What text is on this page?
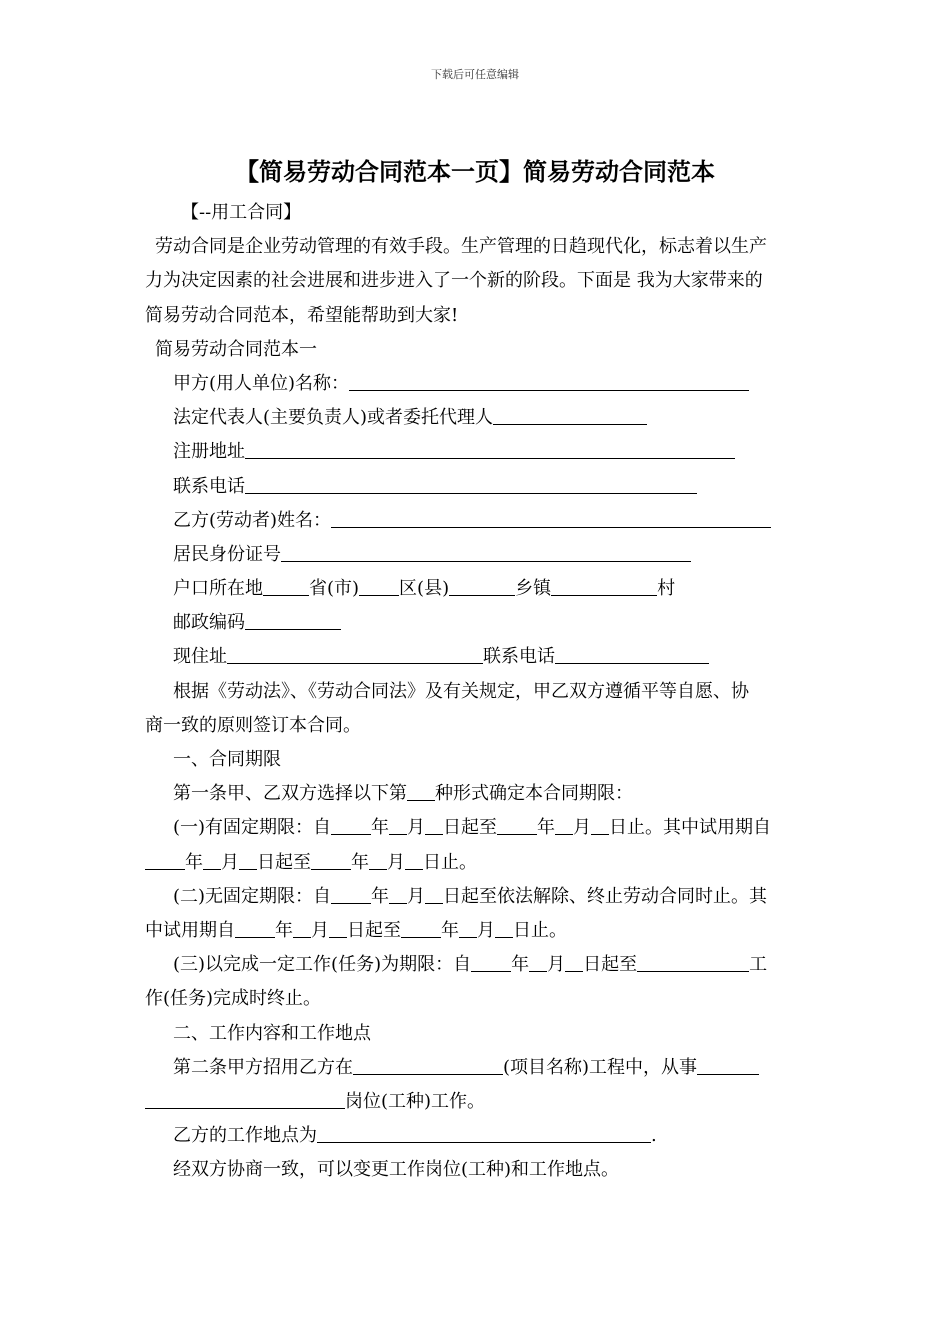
下载后可任意编辑
【简易劳动合同范本一页】简易劳动合同范本
【--用工合同】
劳动合同是企业劳动管理的有效手段。生产管理的日趋现代化，标志着以生产
力为决定因素的社会进展和进步进入了一个新的阶段。下面是 我为大家带来的
简易劳动合同范本，希望能帮助到大家!
简易劳动合同范本一
甲方(用人单位)名称：
法定代表人(主要负责人)或者委托代理人
注册地址
联系电话
乙方(劳动者)姓名：
居民身份证号
户口所在地	省(市) 区(县)	乡镇	村
邮政编码
现住址	联系电话
根据《劳动法》、《劳动合同法》及有关规定，甲乙双方遵循平等自愿、协
商一致的原则签订本合同。
一、合同期限
第一条甲、乙双方选择以下第 种形式确定本合同期限：
(一)有固定期限：自 年 月 日起至 年 月 日止。其中试用期自
年 月 日起至 年 月 日止。
(二)无固定期限：自 年 月 日起至依法解除、终止劳动合同时止。其
中试用期自 年 月 日起至 年 月 日止。
(三)以完成一定工作(任务)为期限：自 年 月 日起至	工
作(任务)完成时终止。
二、工作内容和工作地点
第二条甲方招用乙方在	(项目名称)工程中，从事
岗位(工种)工作。
乙方的工作地点为	.
经双方协商一致，可以变更工作岗位(工种)和工作地点。
